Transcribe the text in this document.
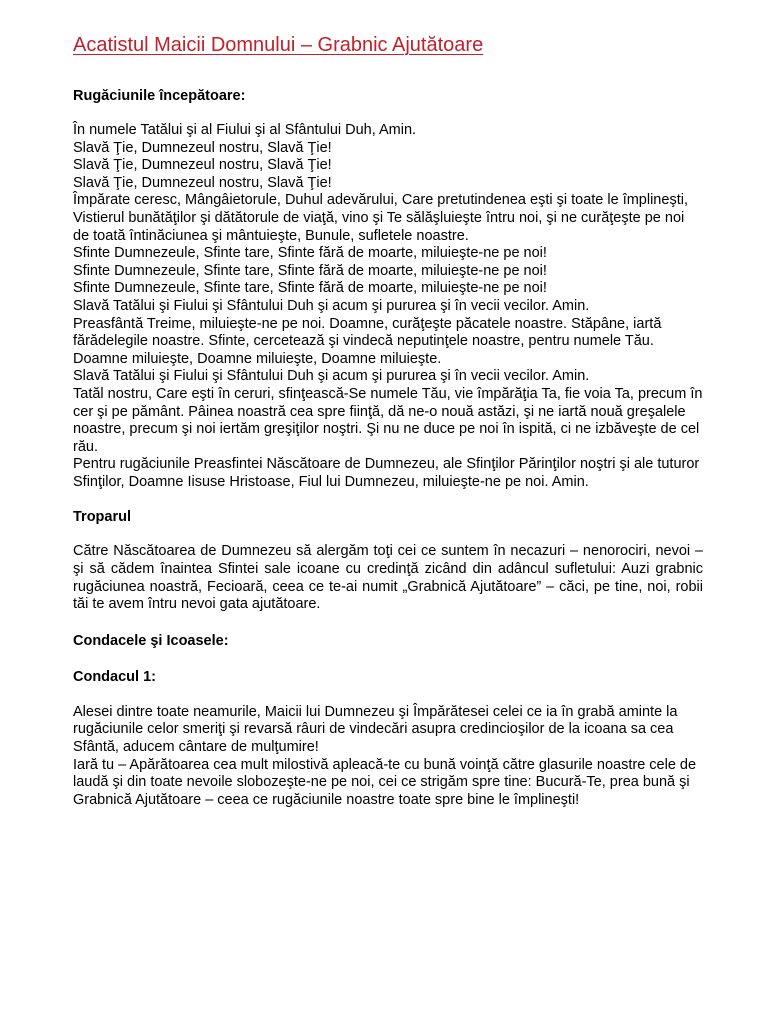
Acatistul Maicii Domnului – Grabnic Ajutătoare

Rugăciunile începătoare:

În numele Tatălui şi al Fiului şi al Sfântului Duh, Amin.

Slavă Ţie, Dumnezeul nostru, Slavă Ţie!

Slavă Ţie, Dumnezeul nostru, Slavă Ţie!

Slavă Ţie, Dumnezeul nostru, Slavă Ţie!

Împărate ceresc, Mângâietorule, Duhul adevărului, Care pretutindenea eşti şi toate le împlineşti, Vistierul bunătăţilor şi dătătorule de viaţă, vino şi Te sălăşluieşte întru noi, şi ne curăţeşte pe noi de toată întinăciunea şi mântuieşte, Bunule, sufletele noastre.

Sfinte Dumnezeule, Sfinte tare, Sfinte fără de moarte, miluieşte-ne pe noi!

Sfinte Dumnezeule, Sfinte tare, Sfinte fără de moarte, miluieşte-ne pe noi!

Sfinte Dumnezeule, Sfinte tare, Sfinte fără de moarte, miluieşte-ne pe noi!

Slavă Tatălui şi Fiului şi Sfântului Duh şi acum şi pururea şi în vecii vecilor. Amin.

Preasfântă Treime, miluieşte-ne pe noi. Doamne, curăţeşte păcatele noastre. Stăpâne, iartă fărădelegile noastre. Sfinte, cercetează şi vindecă neputinţele noastre, pentru numele Tău.

Doamne miluieşte, Doamne miluieşte, Doamne miluieşte.

Slavă Tatălui şi Fiului şi Sfântului Duh şi acum şi pururea şi în vecii vecilor. Amin.

Tatăl nostru, Care eşti în ceruri, sfinţească-Se numele Tău, vie împărăţia Ta, fie voia Ta, precum în cer şi pe pământ. Pâinea noastră cea spre fiinţă, dă ne-o nouă astăzi, şi ne iartă nouă greşalele noastre, precum şi noi iertăm greşiţilor noştri. Şi nu ne duce pe noi în ispită, ci ne izbăveşte de cel rău.

Pentru rugăciunile Preasfintei Născătoare de Dumnezeu, ale Sfinţilor Părinţilor noştri şi ale tuturor Sfinţilor, Doamne Iisuse Hristoase, Fiul lui Dumnezeu, miluieşte-ne pe noi. Amin.

Troparul

Către Născătoarea de Dumnezeu să alergăm toţi cei ce suntem în necazuri – nenorociri, nevoi – şi să cădem înaintea Sfintei sale icoane cu credinţă zicând din adâncul sufletului: Auzi grabnic rugăciunea noastră, Fecioară, ceea ce te-ai numit „Grabnică Ajutătoare” – căci, pe tine, noi, robii tăi te avem întru nevoi gata ajutătoare.

Condacele şi Icoasele:

Condacul 1:

Alesei dintre toate neamurile, Maicii lui Dumnezeu şi Împărătesei celei ce ia în grabă aminte la rugăciunile celor smeriţi şi revarsă râuri de vindecări asupra credincioşilor de la icoana sa cea Sfântă, aducem cântare de mulţumire!

Iară tu – Apărătoarea cea mult milostivă apleacă-te cu bună voinţă către glasurile noastre cele de laudă şi din toate nevoile slobozeşte-ne pe noi, cei ce strigăm spre tine: Bucură-Te, prea bună şi Grabnică Ajutătoare – ceea ce rugăciunile noastre toate spre bine le împlineşti!
